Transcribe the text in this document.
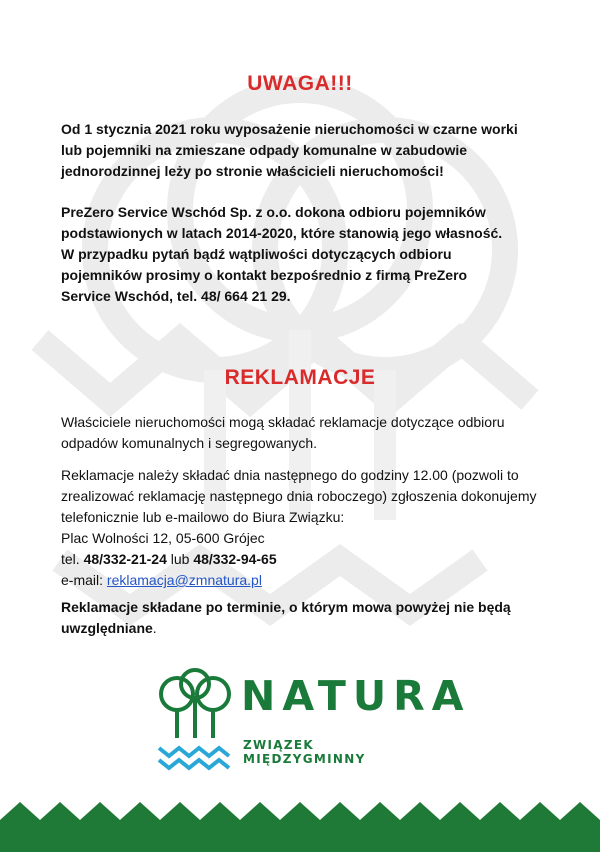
UWAGA!!!
Od 1 stycznia 2021 roku wyposażenie nieruchomości w czarne worki
lub pojemniki na zmieszane odpady komunalne w zabudowie
jednorodzinnej leży po stronie właścicieli nieruchomości!
PreZero Service Wschód Sp. z o.o. dokona odbioru pojemników
podstawionych w latach 2014-2020, które stanowią jego własność.
W przypadku pytań bądź wątpliwości dotyczących odbioru
pojemników prosimy o kontakt bezpośrednio z firmą PreZero
Service Wschód, tel. 48/ 664 21 29.
REKLAMACJE
Właściciele nieruchomości mogą składać reklamacje dotyczące odbioru
odpadów komunalnych i segregowanych.
Reklamacje należy składać dnia następnego do godziny 12.00 (pozwoli to
zrealizować reklamację następnego dnia roboczego) zgłoszenia dokonujemy
telefonicznie lub e-mailowo do Biura Związku:
Plac Wolności 12, 05-600 Grójec
tel. 48/332-21-24 lub 48/332-94-65
e-mail: reklamacja@zmnatura.pl
Reklamacje składane po terminie, o którym mowa powyżej nie będą
uwzględniane.
NATURA
ZWIĄZEK MIĘDZYGMINNY
